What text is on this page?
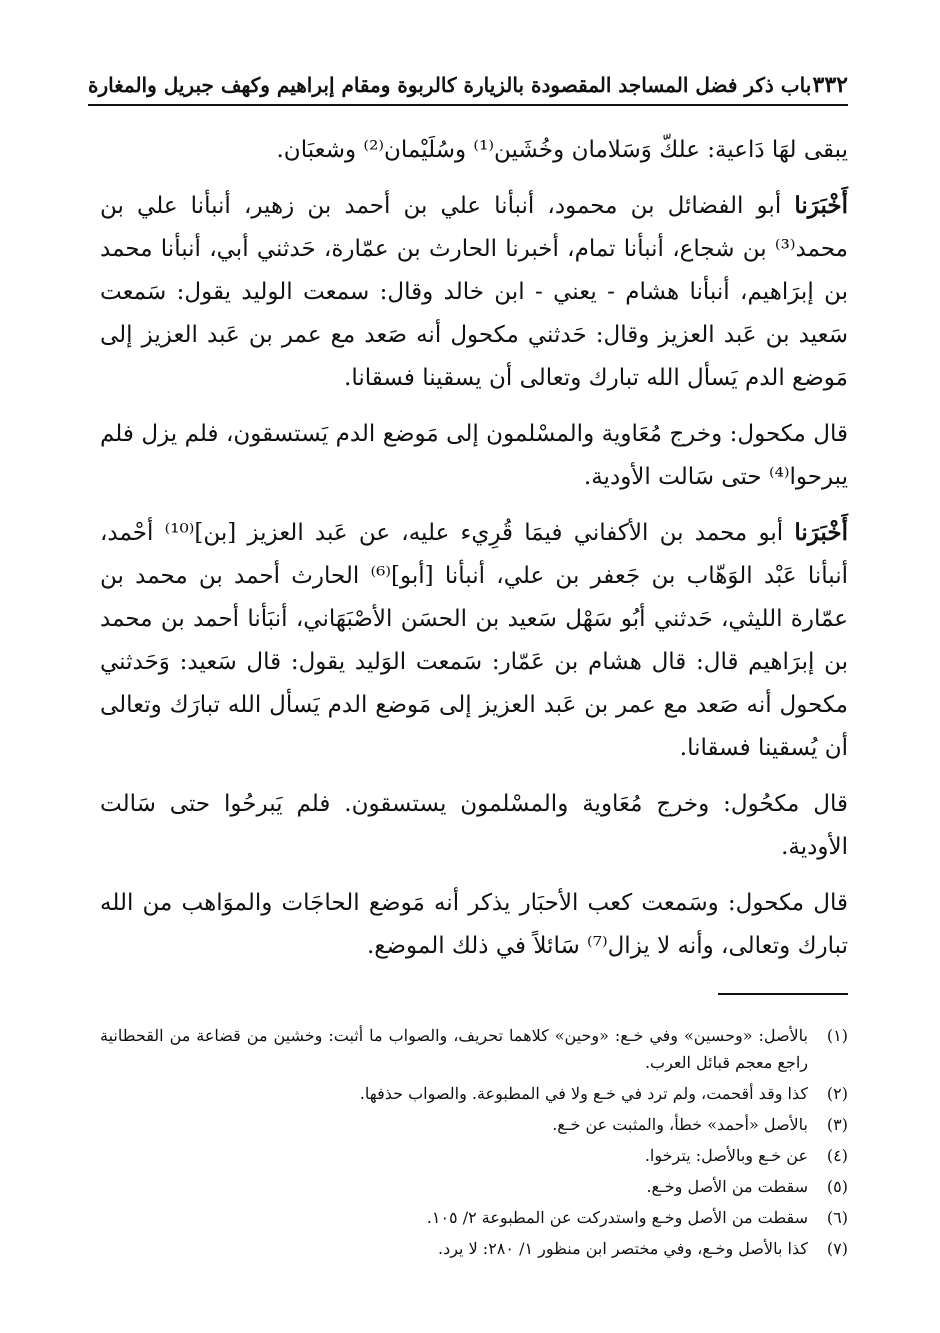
٣٣٢
باب ذكر فضل المساجد المقصودة بالزيارة كالربوة ومقام إبراهيم وكهف جبريل والمغارة

يبقى لهَا دَاعية: علكّ وَسَلامان وخُشَين⁽¹⁾ وسُلَيْمان⁽²⁾ وشعبَان.

أَخْبَرَنا أبو الفضائل بن محمود، أنبأنا علي بن أحمد بن زهير، أنبأنا علي بن محمد⁽³⁾ بن شجاع، أنبأنا تمام، أخبرنا الحارث بن عمّارة، حَدثني أبي، أنبأنا محمد بن إبرَاهيم، أنبأنا هشام - يعني - ابن خالد وقال: سمعت الوليد يقول: سَمعت سَعيد بن عَبد العزيز وقال: حَدثني مكحول أنه صَعد مع عمر بن عَبد العزيز إلى مَوضع الدم يَسأل الله تبارك وتعالى أن يسقينا فسقانا.

قال مكحول: وخرج مُعَاوية والمسْلمون إلى مَوضع الدم يَستسقون، فلم يزل فلم يبرحوا⁽⁴⁾ حتى سَالت الأودية.

أَخْبَرَنا أبو محمد بن الأكفاني فيمَا قُرِيء عليه، عن عَبد العزيز [بن]⁽¹⁰⁾ أحْمد، أنبأنا عَبْد الوَهّاب بن جَعفر بن علي، أنبأنا [أبو]⁽⁶⁾ الحارث أحمد بن محمد بن عمّارة الليثي، حَدثني أبُو سَهْل سَعيد بن الحسَن الأصْبَهَاني، أنبَأنا أحمد بن محمد بن إبرَاهيم قال: قال هشام بن عَمّار: سَمعت الوَليد يقول: قال سَعيد: وَحَدثني مكحول أنه صَعد مع عمر بن عَبد العزيز إلى مَوضع الدم يَسأل الله تبارَك وتعالى أن يُسقينا فسقانا.

قال مكحُول: وخرج مُعَاوية والمسْلمون يستسقون. فلم يَبرحُوا حتى سَالت الأودية.

قال مكحول: وسَمعت كعب الأحبَار يذكر أنه مَوضع الحاجَات والموَاهب من الله تبارك وتعالى، وأنه لا يزال⁽⁷⁾ سَائلاً في ذلك الموضع.

(١)
بالأصل: «وحسين» وفي خـع: «وحين» كلاهما تحريف، والصواب ما أثبت: وخشين من قضاعة من القحطانية راجع معجم قبائل العرب.
(٢)
كذا وقد أقحمت، ولم ترد في خـع ولا في المطبوعة. والصواب حذفها.
(٣)
بالأصل «أحمد» خطأ، والمثبت عن خـع.
(٤)
عن خـع وبالأصل: يترخوا.
(٥)
سقطت من الأصل وخـع.
(٦)
سقطت من الأصل وخـع واستدركت عن المطبوعة ٢/ ١٠٥.
(٧)
كذا بالأصل وخـع، وفي مختصر ابن منظور ١/ ٢٨٠: لا يرد.
